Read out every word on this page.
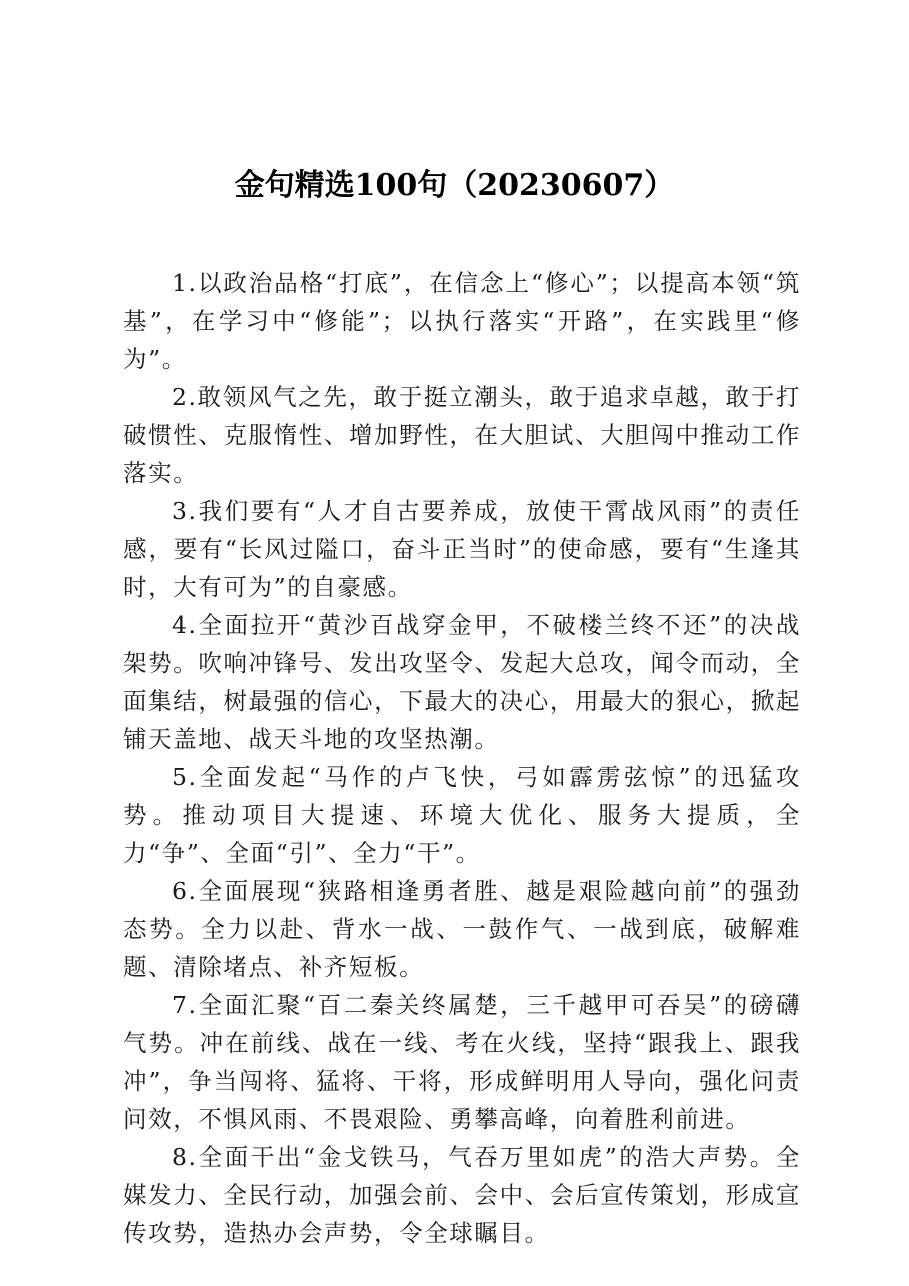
金句精选100句（20230607）

1.以政治品格“打底”，在信念上“修心”；以提高本领“筑基”，在学习中“修能”；以执行落实“开路”，在实践里“修为”。

2.敢领风气之先，敢于挺立潮头，敢于追求卓越，敢于打破惯性、克服惰性、增加野性，在大胆试、大胆闯中推动工作落实。

3.我们要有“人才自古要养成，放使干霄战风雨”的责任感，要有“长风过隘口，奋斗正当时”的使命感，要有“生逢其时，大有可为”的自豪感。

4.全面拉开“黄沙百战穿金甲，不破楼兰终不还”的决战架势。吹响冲锋号、发出攻坚令、发起大总攻，闻令而动，全面集结，树最强的信心，下最大的决心，用最大的狠心，掀起铺天盖地、战天斗地的攻坚热潮。

5.全面发起“马作的卢飞快，弓如霹雳弦惊”的迅猛攻势。推动项目大提速、环境大优化、服务大提质，全力“争”、全面“引”、全力“干”。

6.全面展现“狭路相逢勇者胜、越是艰险越向前”的强劲态势。全力以赴、背水一战、一鼓作气、一战到底，破解难题、清除堵点、补齐短板。

7.全面汇聚“百二秦关终属楚，三千越甲可吞吴”的磅礴气势。冲在前线、战在一线、考在火线，坚持“跟我上、跟我冲”，争当闯将、猛将、干将，形成鲜明用人导向，强化问责问效，不惧风雨、不畏艰险、勇攀高峰，向着胜利前进。

8.全面干出“金戈铁马，气吞万里如虎”的浩大声势。全媒发力、全民行动，加强会前、会中、会后宣传策划，形成宣传攻势，造热办会声势，令全球瞩目。
